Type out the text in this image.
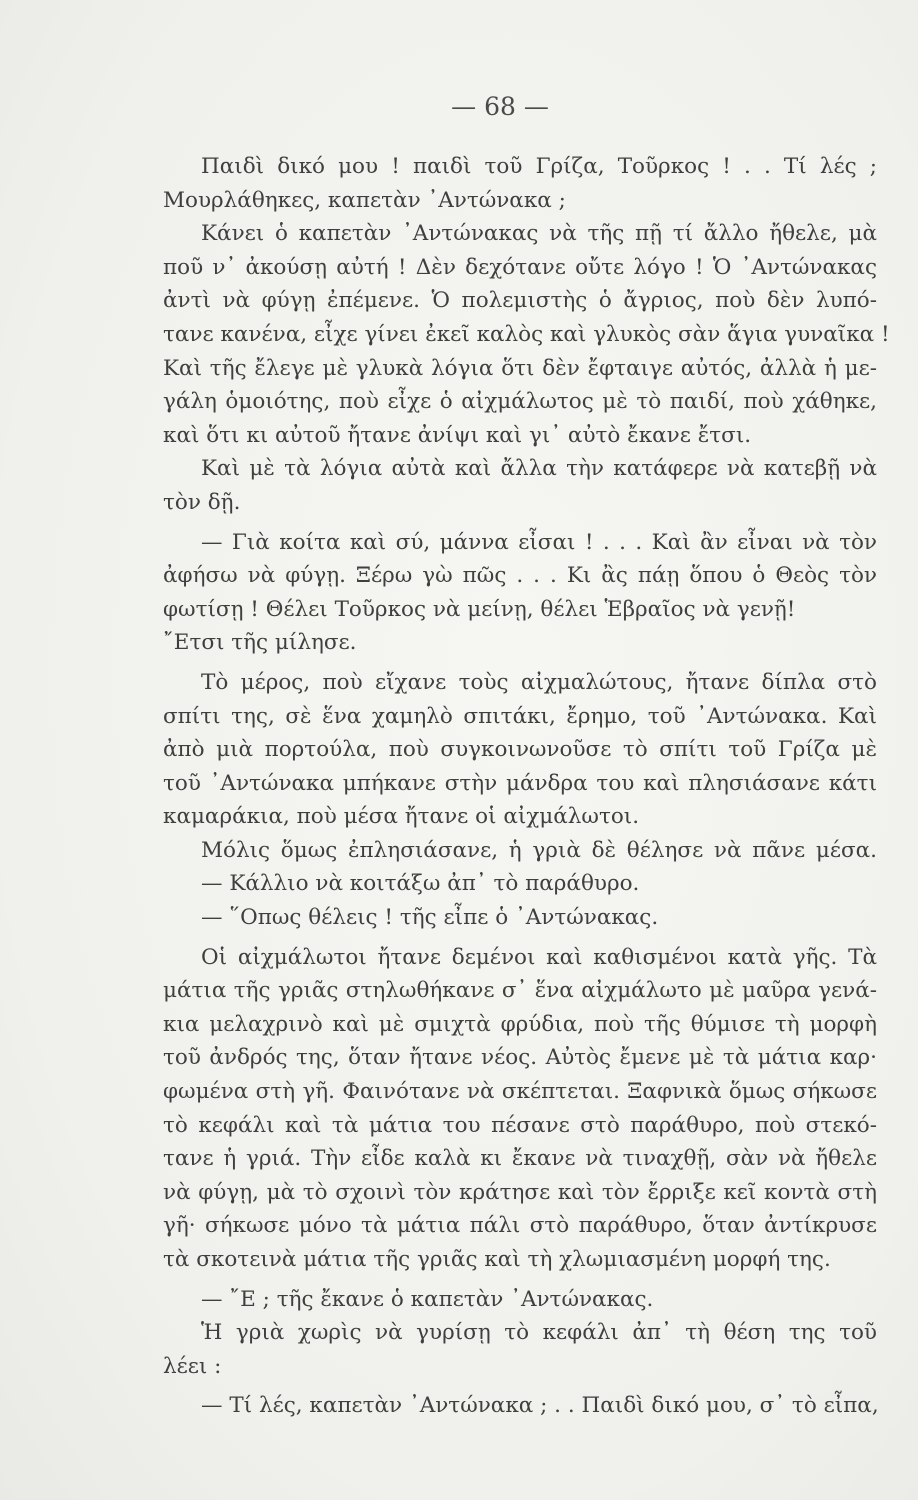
— 68 —
Παιδὶ δικό μου ! παιδὶ τοῦ Γρίζα, Τοῦρκος ! . . Τί λές ;
Μουρλάθηκες, καπετὰν ᾿Αντώνακα ;
Κάνει ὁ καπετὰν ᾿Αντώνακας νὰ τῆς πῇ τί ἄλλο ἤθελε, μὰ
ποῦ ν᾿ ἀκούσῃ αὐτή ! Δὲν δεχότανε οὔτε λόγο ! Ὁ ᾿Αντώνακας
ἀντὶ νὰ φύγῃ ἐπέμενε. Ὁ πολεμιστὴς ὁ ἄγριος, ποὺ δὲν λυπό-
τανε κανένα, εἶχε γίνει ἐκεῖ καλὸς καὶ γλυκὸς σὰν ἅγια γυναῖκα !
Καὶ τῆς ἔλεγε μὲ γλυκὰ λόγια ὅτι δὲν ἔφταιγε αὐτός, ἀλλὰ ἡ με-
γάλη ὁμοιότης, ποὺ εἶχε ὁ αἰχμάλωτος μὲ τὸ παιδί, ποὺ χάθηκε,
καὶ ὅτι κι αὐτοῦ ἤτανε ἀνίψι καὶ γι᾿ αὐτὸ ἔκανε ἔτσι.
Καὶ μὲ τὰ λόγια αὐτὰ καὶ ἄλλα τὴν κατάφερε νὰ κατεβῇ νὰ
τὸν δῇ.
— Γιὰ κοίτα καὶ σύ, μάννα εἶσαι ! . . . Καὶ ἂν εἶναι νὰ τὸν
ἀφήσω νὰ φύγῃ. Ξέρω γὼ πῶς . . . Κι ἂς πάῃ ὅπου ὁ Θεὸς τὸν
φωτίσῃ ! Θέλει Τοῦρκος νὰ μείνῃ, θέλει Ἑβραῖος νὰ γενῇ!
῎Ετσι τῆς μίλησε.
Τὸ μέρος, ποὺ εἴχανε τοὺς αἰχμαλώτους, ἤτανε δίπλα στὸ
σπίτι της, σὲ ἕνα χαμηλὸ σπιτάκι, ἔρημο, τοῦ ᾿Αντώνακα. Καὶ
ἀπὸ μιὰ πορτούλα, ποὺ συγκοινωνοῦσε τὸ σπίτι τοῦ Γρίζα μὲ
τοῦ ᾿Αντώνακα μπήκανε στὴν μάνδρα του καὶ πλησιάσανε κάτι
καμαράκια, ποὺ μέσα ἤτανε οἱ αἰχμάλωτοι.
Μόλις ὅμως ἐπλησιάσανε, ἡ γριὰ δὲ θέλησε νὰ πᾶνε μέσα.
— Κάλλιο νὰ κοιτάξω ἀπ᾿ τὸ παράθυρο.
— ῞Οπως θέλεις ! τῆς εἶπε ὁ ᾿Αντώνακας.
Οἱ αἰχμάλωτοι ἤτανε δεμένοι καὶ καθισμένοι κατὰ γῆς. Τὰ
μάτια τῆς γριᾶς στηλωθήκανε σ᾿ ἕνα αἰχμάλωτο μὲ μαῦρα γενά-
κια μελαχρινὸ καὶ μὲ σμιχτὰ φρύδια, ποὺ τῆς θύμισε τὴ μορφὴ
τοῦ ἀνδρός της, ὅταν ἤτανε νέος. Αὐτὸς ἔμενε μὲ τὰ μάτια καρ·
φωμένα στὴ γῆ. Φαινότανε νὰ σκέπτεται. Ξαφνικὰ ὅμως σήκωσε
τὸ κεφάλι καὶ τὰ μάτια του πέσανε στὸ παράθυρο, ποὺ στεκό-
τανε ἡ γριά. Τὴν εἶδε καλὰ κι ἔκανε νὰ τιναχθῇ, σὰν νὰ ἤθελε
νὰ φύγῃ, μὰ τὸ σχοινὶ τὸν κράτησε καὶ τὸν ἔρριξε κεῖ κοντὰ στὴ
γῆ· σήκωσε μόνο τὰ μάτια πάλι στὸ παράθυρο, ὅταν ἀντίκρυσε
τὰ σκοτεινὰ μάτια τῆς γριᾶς καὶ τὴ χλωμιασμένη μορφή της.
— ῎Ε ; τῆς ἔκανε ὁ καπετὰν ᾿Αντώνακας.
Ἡ γριὰ χωρὶς νὰ γυρίσῃ τὸ κεφάλι ἀπ᾿ τὴ θέση της τοῦ
λέει :
— Τί λές, καπετὰν ᾿Αντώνακα ; . . Παιδὶ δικό μου, σ᾿ τὸ εἶπα,
